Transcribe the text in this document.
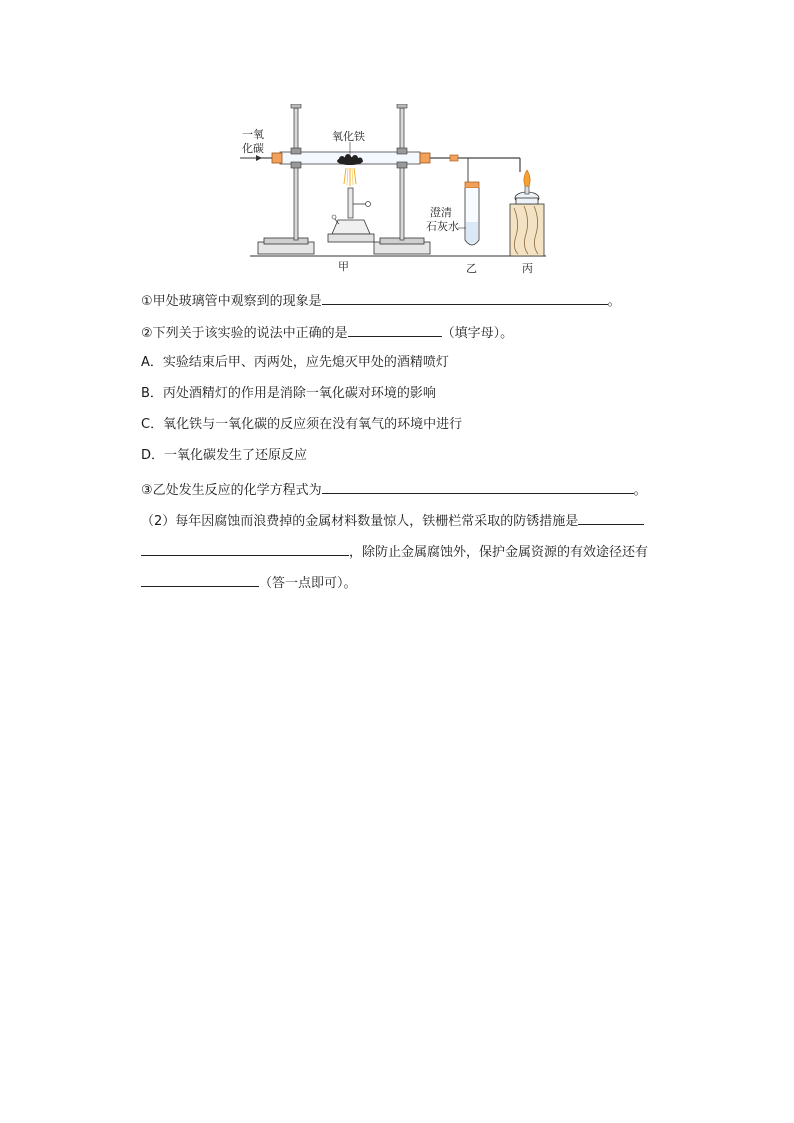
一氧
化碳
氧化铁
澄清
石灰水
甲	乙	丙
①甲处玻璃管中观察到的现象是	。
②下列关于该实验的说法中正确的是	（填字母）。
A．实验结束后甲、丙两处，应先熄灭甲处的酒精喷灯
B．丙处酒精灯的作用是消除一氧化碳对环境的影响
C．氧化铁与一氧化碳的反应须在没有氧气的环境中进行
D．一氧化碳发生了还原反应
③乙处发生反应的化学方程式为	。
（2）每年因腐蚀而浪费掉的金属材料数量惊人，铁栅栏常采取的防锈措施是
，除防止金属腐蚀外，保护金属资源的有效途径还有
（答一点即可）。
